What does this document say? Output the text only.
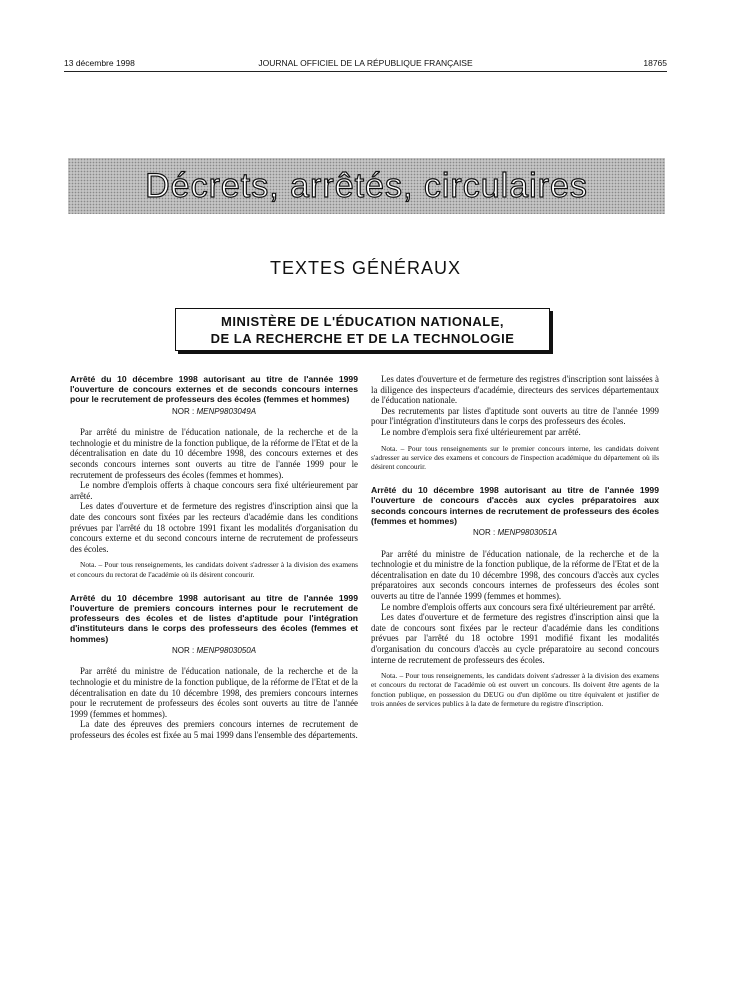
13 décembre 1998	JOURNAL OFFICIEL DE LA RÉPUBLIQUE FRANÇAISE	18765
Décrets, arrêtés, circulaires
TEXTES GÉNÉRAUX
MINISTÈRE DE L'ÉDUCATION NATIONALE,
DE LA RECHERCHE ET DE LA TECHNOLOGIE

Arrêté du 10 décembre 1998 autorisant au titre de l'année 1999 l'ouverture de concours externes et de seconds concours internes pour le recrutement de professeurs des écoles (femmes et hommes)

NOR : MENP9803049A

Par arrêté du ministre de l'éducation nationale, de la recherche et de la technologie et du ministre de la fonction publique, de la réforme de l'Etat et de la décentralisation en date du 10 décembre 1998, des concours externes et des seconds concours internes sont ouverts au titre de l'année 1999 pour le recrutement de professeurs des écoles (femmes et hommes).

Le nombre d'emplois offerts à chaque concours sera fixé ultérieurement par arrêté.

Les dates d'ouverture et de fermeture des registres d'inscription ainsi que la date des concours sont fixées par les recteurs d'académie dans les conditions prévues par l'arrêté du 18 octobre 1991 fixant les modalités d'organisation du concours externe et du second concours interne de recrutement de professeurs des écoles.

Nota. – Pour tous renseignements, les candidats doivent s'adresser à la division des examens et concours du rectorat de l'académie où ils désirent concourir.

Arrêté du 10 décembre 1998 autorisant au titre de l'année 1999 l'ouverture de premiers concours internes pour le recrutement de professeurs des écoles et de listes d'aptitude pour l'intégration d'instituteurs dans le corps des professeurs des écoles (femmes et hommes)

NOR : MENP9803050A

Par arrêté du ministre de l'éducation nationale, de la recherche et de la technologie et du ministre de la fonction publique, de la réforme de l'Etat et de la décentralisation en date du 10 décembre 1998, des premiers concours internes pour le recrutement de professeurs des écoles sont ouverts au titre de l'année 1999 (femmes et hommes).

La date des épreuves des premiers concours internes de recrutement de professeurs des écoles est fixée au 5 mai 1999 dans l'ensemble des départements.

Les dates d'ouverture et de fermeture des registres d'inscription sont laissées à la diligence des inspecteurs d'académie, directeurs des services départementaux de l'éducation nationale.

Des recrutements par listes d'aptitude sont ouverts au titre de l'année 1999 pour l'intégration d'instituteurs dans le corps des professeurs des écoles.

Le nombre d'emplois sera fixé ultérieurement par arrêté.

Nota. – Pour tous renseignements sur le premier concours interne, les candidats doivent s'adresser au service des examens et concours de l'inspection académique du département où ils désirent concourir.

Arrêté du 10 décembre 1998 autorisant au titre de l'année 1999 l'ouverture de concours d'accès aux cycles préparatoires aux seconds concours internes de recrutement de professeurs des écoles (femmes et hommes)

NOR : MENP9803051A

Par arrêté du ministre de l'éducation nationale, de la recherche et de la technologie et du ministre de la fonction publique, de la réforme de l'Etat et de la décentralisation en date du 10 décembre 1998, des concours d'accès aux cycles préparatoires aux seconds concours internes de professeurs des écoles sont ouverts au titre de l'année 1999 (femmes et hommes).

Le nombre d'emplois offerts aux concours sera fixé ultérieurement par arrêté.

Les dates d'ouverture et de fermeture des registres d'inscription ainsi que la date de concours sont fixées par le recteur d'académie dans les conditions prévues par l'arrêté du 18 octobre 1991 modifié fixant les modalités d'organisation du concours d'accès au cycle préparatoire au second concours interne de recrutement de professeurs des écoles.

Nota. – Pour tous renseignements, les candidats doivent s'adresser à la division des examens et concours du rectorat de l'académie où est ouvert un concours. Ils doivent être agents de la fonction publique, en possession du DEUG ou d'un diplôme ou titre équivalent et justifier de trois années de services publics à la date de fermeture du registre d'inscription.
